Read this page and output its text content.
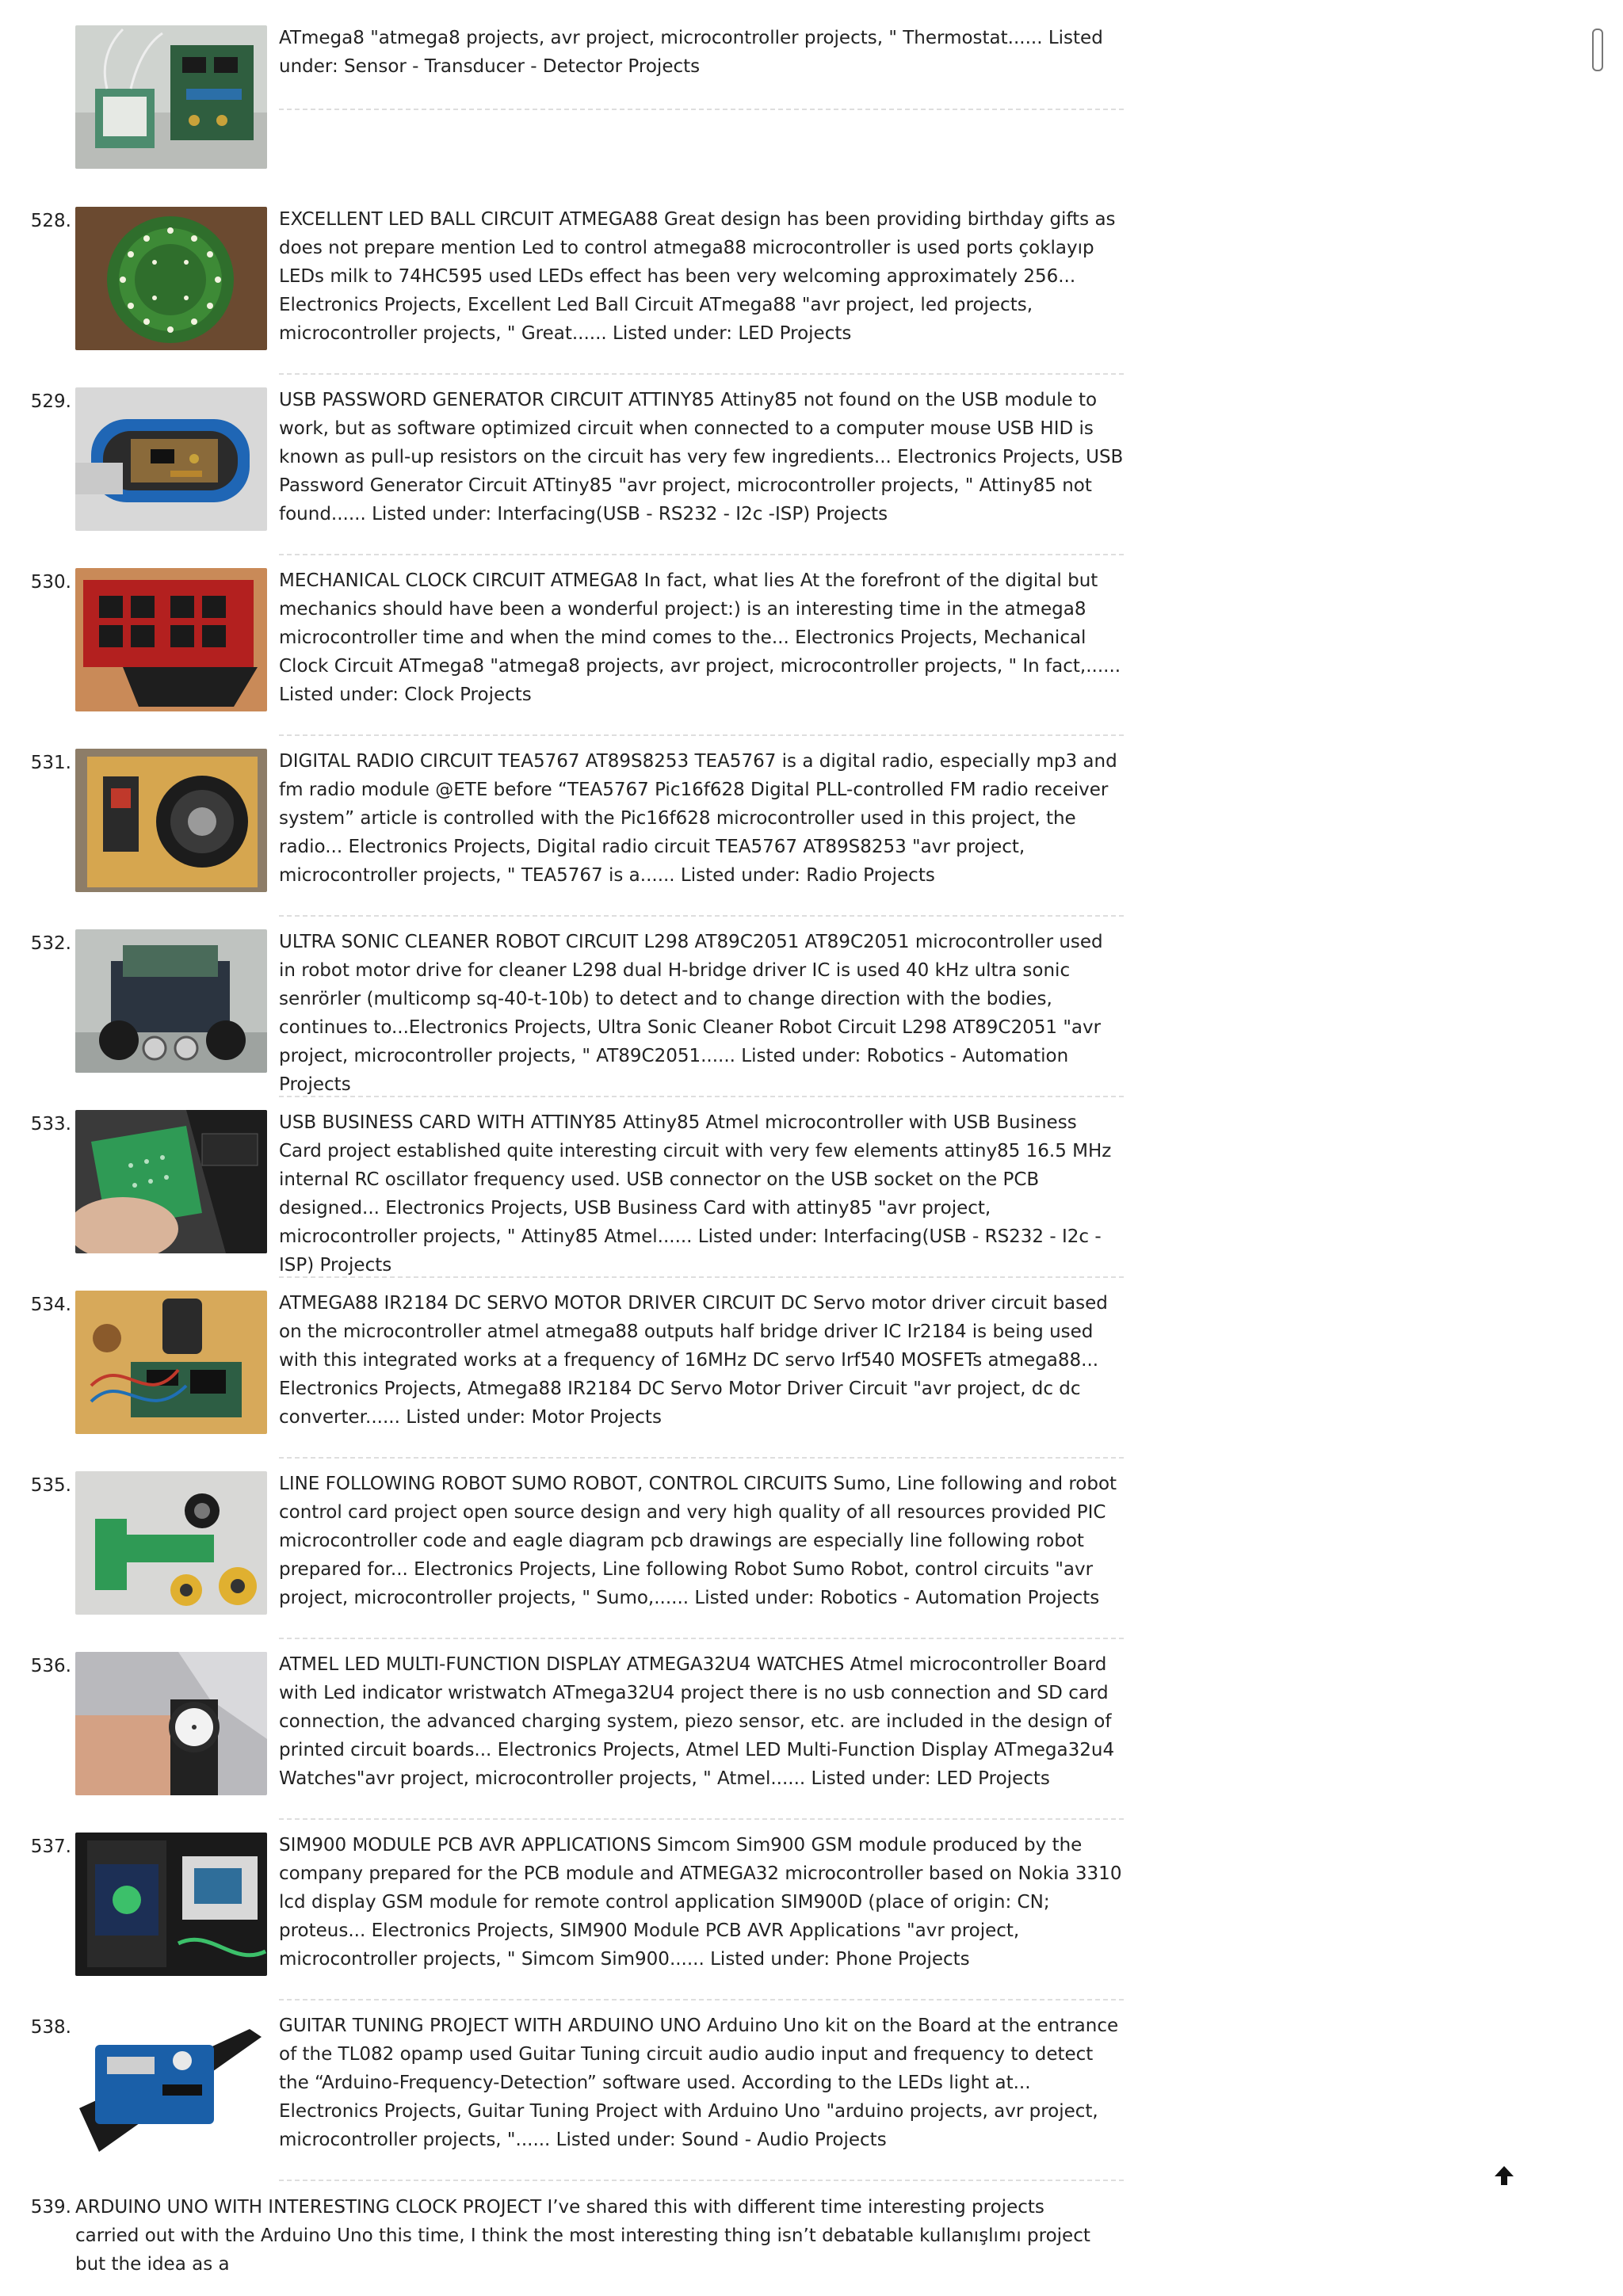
ATmega8 "atmega8 projects, avr project, microcontroller projects, " Thermostat...... Listed under: Sensor - Transducer - Detector Projects
528.	EXCELLENT LED BALL CIRCUIT ATMEGA88 Great design has been providing birthday gifts as does not prepare mention Led to control atmega88 microcontroller is used ports çoklayıp LEDs milk to 74HC595 used LEDs effect has been very welcoming approximately 256... Electronics Projects, Excellent Led Ball Circuit ATmega88 "avr project, led projects, microcontroller projects, " Great...... Listed under: LED Projects
529.	USB PASSWORD GENERATOR CIRCUIT ATTINY85 Attiny85 not found on the USB module to work, but as software optimized circuit when connected to a computer mouse USB HID is known as pull-up resistors on the circuit has very few ingredients... Electronics Projects, USB Password Generator Circuit ATtiny85 "avr project, microcontroller projects, " Attiny85 not found...... Listed under: Interfacing(USB - RS232 - I2c -ISP) Projects
530.	MECHANICAL CLOCK CIRCUIT ATMEGA8 In fact, what lies At the forefront of the digital but mechanics should have been a wonderful project:) is an interesting time in the atmega8 microcontroller time and when the mind comes to the... Electronics Projects, Mechanical Clock Circuit ATmega8 "atmega8 projects, avr project, microcontroller projects, " In fact,...... Listed under: Clock Projects
531.	DIGITAL RADIO CIRCUIT TEA5767 AT89S8253 TEA5767 is a digital radio, especially mp3 and fm radio module @ETE before “TEA5767 Pic16f628 Digital PLL-controlled FM radio receiver system” article is controlled with the Pic16f628 microcontroller used in this project, the radio... Electronics Projects, Digital radio circuit TEA5767 AT89S8253 "avr project, microcontroller projects, " TEA5767 is a...... Listed under: Radio Projects
532.	ULTRA SONIC CLEANER ROBOT CIRCUIT L298 AT89C2051 AT89C2051 microcontroller used in robot motor drive for cleaner L298 dual H-bridge driver IC is used 40 kHz ultra sonic senrörler (multicomp sq-40-t-10b) to detect and to change direction with the bodies, continues to...Electronics Projects, Ultra Sonic Cleaner Robot Circuit L298 AT89C2051 "avr project, microcontroller projects, " AT89C2051...... Listed under: Robotics - Automation Projects
533.	USB BUSINESS CARD WITH ATTINY85 Attiny85 Atmel microcontroller with USB Business Card project established quite interesting circuit with very few elements attiny85 16.5 MHz internal RC oscillator frequency used. USB connector on the USB socket on the PCB designed... Electronics Projects, USB Business Card with attiny85 "avr project, microcontroller projects, " Attiny85 Atmel...... Listed under: Interfacing(USB - RS232 - I2c -ISP) Projects
534.	ATMEGA88 IR2184 DC SERVO MOTOR DRIVER CIRCUIT DC Servo motor driver circuit based on the microcontroller atmel atmega88 outputs half bridge driver IC Ir2184 is being used with this integrated works at a frequency of 16MHz DC servo Irf540 MOSFETs atmega88... Electronics Projects, Atmega88 IR2184 DC Servo Motor Driver Circuit "avr project, dc dc converter...... Listed under: Motor Projects
535.	LINE FOLLOWING ROBOT SUMO ROBOT, CONTROL CIRCUITS Sumo, Line following and robot control card project open source design and very high quality of all resources provided PIC microcontroller code and eagle diagram pcb drawings are especially line following robot prepared for... Electronics Projects, Line following Robot Sumo Robot, control circuits "avr project, microcontroller projects, " Sumo,...... Listed under: Robotics - Automation Projects
536.	ATMEL LED MULTI-FUNCTION DISPLAY ATMEGA32U4 WATCHES Atmel microcontroller Board with Led indicator wristwatch ATmega32U4 project there is no usb connection and SD card connection, the advanced charging system, piezo sensor, etc. are included in the design of printed circuit boards... Electronics Projects, Atmel LED Multi-Function Display ATmega32u4 Watches"avr project, microcontroller projects, " Atmel...... Listed under: LED Projects
537.	SIM900 MODULE PCB AVR APPLICATIONS Simcom Sim900 GSM module produced by the company prepared for the PCB module and ATMEGA32 microcontroller based on Nokia 3310 lcd display GSM module for remote control application SIM900D (place of origin: CN; proteus... Electronics Projects, SIM900 Module PCB AVR Applications "avr project, microcontroller projects, " Simcom Sim900...... Listed under: Phone Projects
538.	GUITAR TUNING PROJECT WITH ARDUINO UNO Arduino Uno kit on the Board at the entrance of the TL082 opamp used Guitar Tuning circuit audio audio input and frequency to detect the “Arduino-Frequency-Detection” software used. According to the LEDs light at... Electronics Projects, Guitar Tuning Project with Arduino Uno "arduino projects, avr project, microcontroller projects, "...... Listed under: Sound - Audio Projects
539. ARDUINO UNO WITH INTERESTING CLOCK PROJECT I’ve shared this with different time interesting projects carried out with the Arduino Uno this time, I think the most interesting thing isn’t debatable kullanışlımı project but the idea as a
